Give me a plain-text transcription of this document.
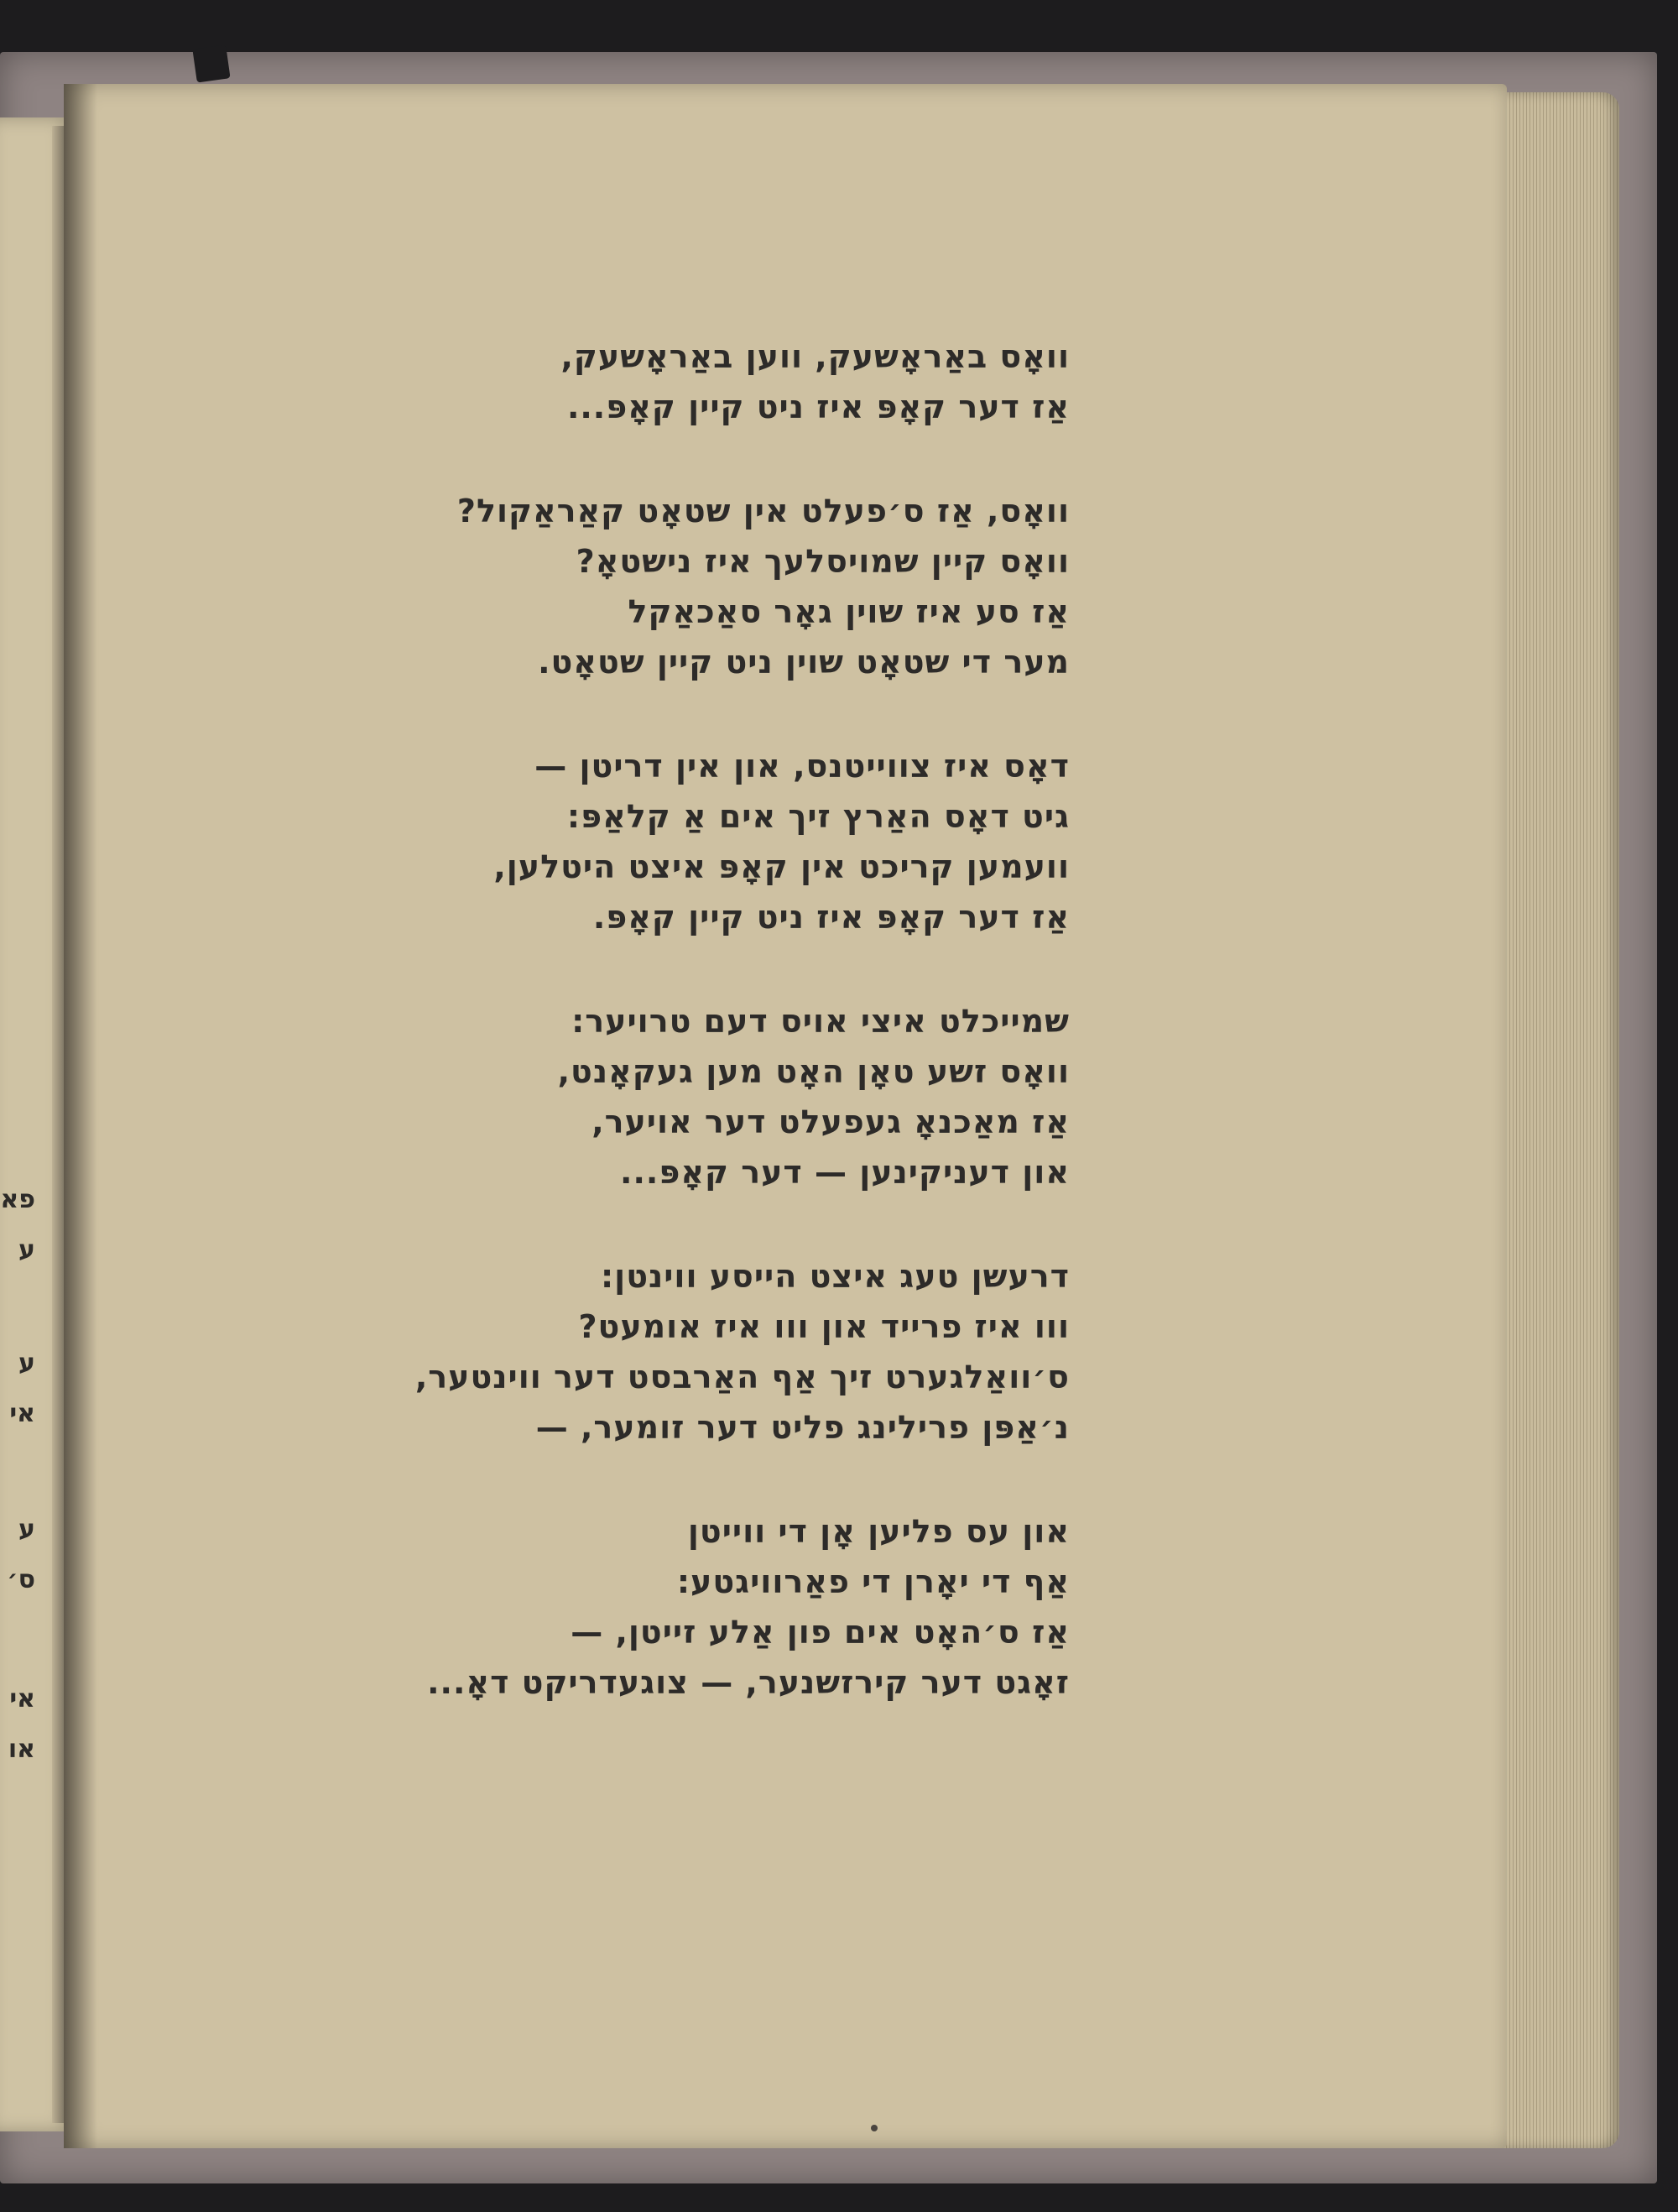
פא
ע
ע
אי
ע
ס׳
אי
או
וואָס באַראָשעק, ווען באַראָשעק,
אַז דער קאָפּ איז ניט קיין קאָפּ...
וואָס, אַז ס׳פעלט אין שטאָט קאַראַקול?
וואָס קיין שמויסלעך איז נישטאָ?
אַז סע איז שוין גאָר סאַכאַקל
מער די שטאָט שוין ניט קיין שטאָט.
דאָס איז צווייטנס, און אין דריטן —
גיט דאָס האַרץ זיך אים אַ קלאַפּ:
וועמען קריכט אין קאָפּ איצט היטלען,
אַז דער קאָפּ איז ניט קיין קאָפּ.
שמייכלט איצי אויס דעם טרויער:
וואָס זשע טאָן האָט מען געקאָנט,
אַז מאַכנאָ געפעלט דער אויער,
און דעניקינען — דער קאָפּ...
דרעשן טעג איצט הייסע ווינטן:
ווו איז פרייד און ווו איז אומעט?
ס׳וואַלגערט זיך אַף האַרבסט דער ווינטער,
נ׳אַפּן פרילינג פליט דער זומער, —
און עס פליען אָן די ווייטן
אַף די יאָרן די פאַרוויגטע:
אַז ס׳האָט אים פון אַלע זייטן, —
זאָגט דער קירזשנער, — צוגעדריקט דאָ...
